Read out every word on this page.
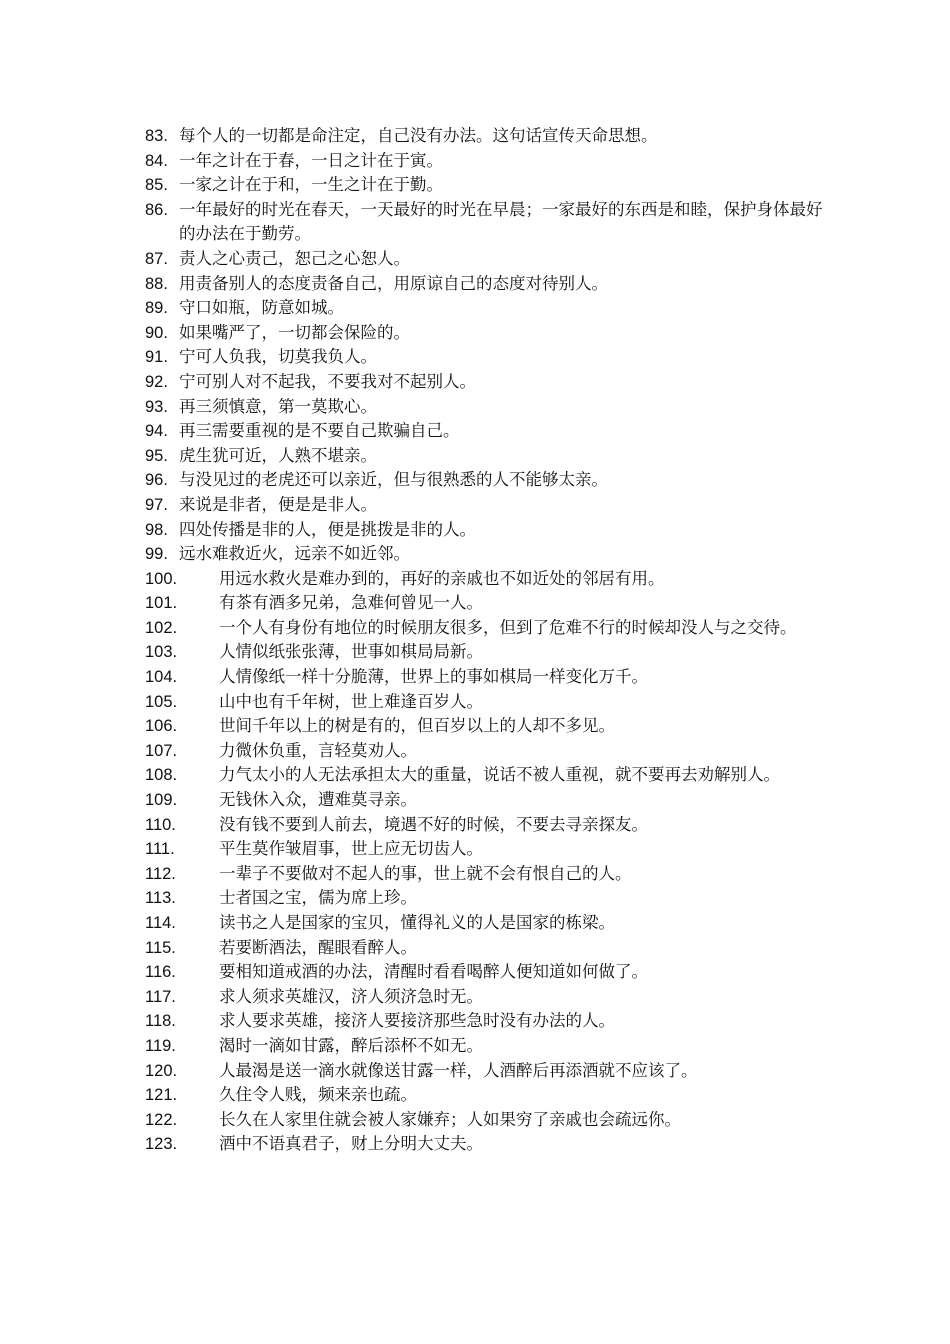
83. 每个人的一切都是命注定，自己没有办法。这句话宣传天命思想。
84. 一年之计在于春，一日之计在于寅。
85. 一家之计在于和，一生之计在于勤。
86. 一年最好的时光在春天，一天最好的时光在早晨；一家最好的东西是和睦，保护身体最好的办法在于勤劳。
87. 责人之心责己，恕己之心恕人。
88. 用责备别人的态度责备自己，用原谅自己的态度对待别人。
89. 守口如瓶，防意如城。
90. 如果嘴严了，一切都会保险的。
91. 宁可人负我，切莫我负人。
92. 宁可别人对不起我，不要我对不起别人。
93. 再三须慎意，第一莫欺心。
94. 再三需要重视的是不要自己欺骗自己。
95. 虎生犹可近，人熟不堪亲。
96. 与没见过的老虎还可以亲近，但与很熟悉的人不能够太亲。
97. 来说是非者，便是是非人。
98. 四处传播是非的人，便是挑拨是非的人。
99. 远水难救近火，远亲不如近邻。
100.	用远水救火是难办到的，再好的亲戚也不如近处的邻居有用。
101.	有茶有酒多兄弟，急难何曾见一人。
102.	一个人有身份有地位的时候朋友很多，但到了危难不行的时候却没人与之交待。
103.	人情似纸张张薄，世事如棋局局新。
104.	人情像纸一样十分脆薄，世界上的事如棋局一样变化万千。
105.	山中也有千年树，世上难逢百岁人。
106.	世间千年以上的树是有的，但百岁以上的人却不多见。
107.	力微休负重，言轻莫劝人。
108.	力气太小的人无法承担太大的重量，说话不被人重视，就不要再去劝解别人。
109.	无钱休入众，遭难莫寻亲。
110.	没有钱不要到人前去，境遇不好的时候，不要去寻亲探友。
111.	平生莫作皱眉事，世上应无切齿人。
112.	一辈子不要做对不起人的事，世上就不会有恨自己的人。
113.	士者国之宝，儒为席上珍。
114.	读书之人是国家的宝贝，懂得礼义的人是国家的栋梁。
115.	若要断酒法，醒眼看醉人。
116.	要相知道戒酒的办法，清醒时看看喝醉人便知道如何做了。
117.	求人须求英雄汉，济人须济急时无。
118.	求人要求英雄，接济人要接济那些急时没有办法的人。
119.	渴时一滴如甘露，醉后添杯不如无。
120.	人最渴是送一滴水就像送甘露一样，人酒醉后再添酒就不应该了。
121.	久住令人贱，频来亲也疏。
122.	长久在人家里住就会被人家嫌弃；人如果穷了亲戚也会疏远你。
123.	酒中不语真君子，财上分明大丈夫。
